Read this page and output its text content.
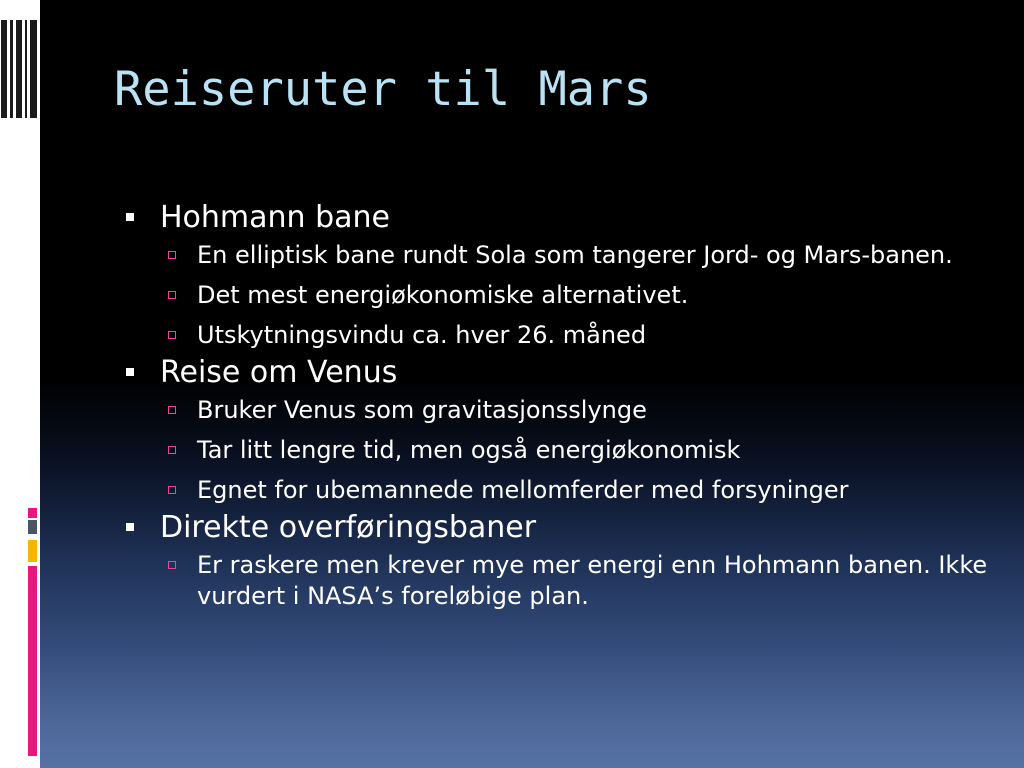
Reiseruter til Mars
Hohmann bane
En elliptisk bane rundt Sola som tangerer Jord- og Mars-banen.
Det mest energiøkonomiske alternativet.
Utskytningsvindu ca. hver 26. måned
Reise om Venus
Bruker Venus som gravitasjonsslynge
Tar litt lengre tid, men også energiøkonomisk
Egnet for ubemannede mellomferder med forsyninger
Direkte overføringsbaner
Er raskere men krever mye mer energi enn Hohmann banen. Ikke vurdert i NASA’s foreløbige plan.
